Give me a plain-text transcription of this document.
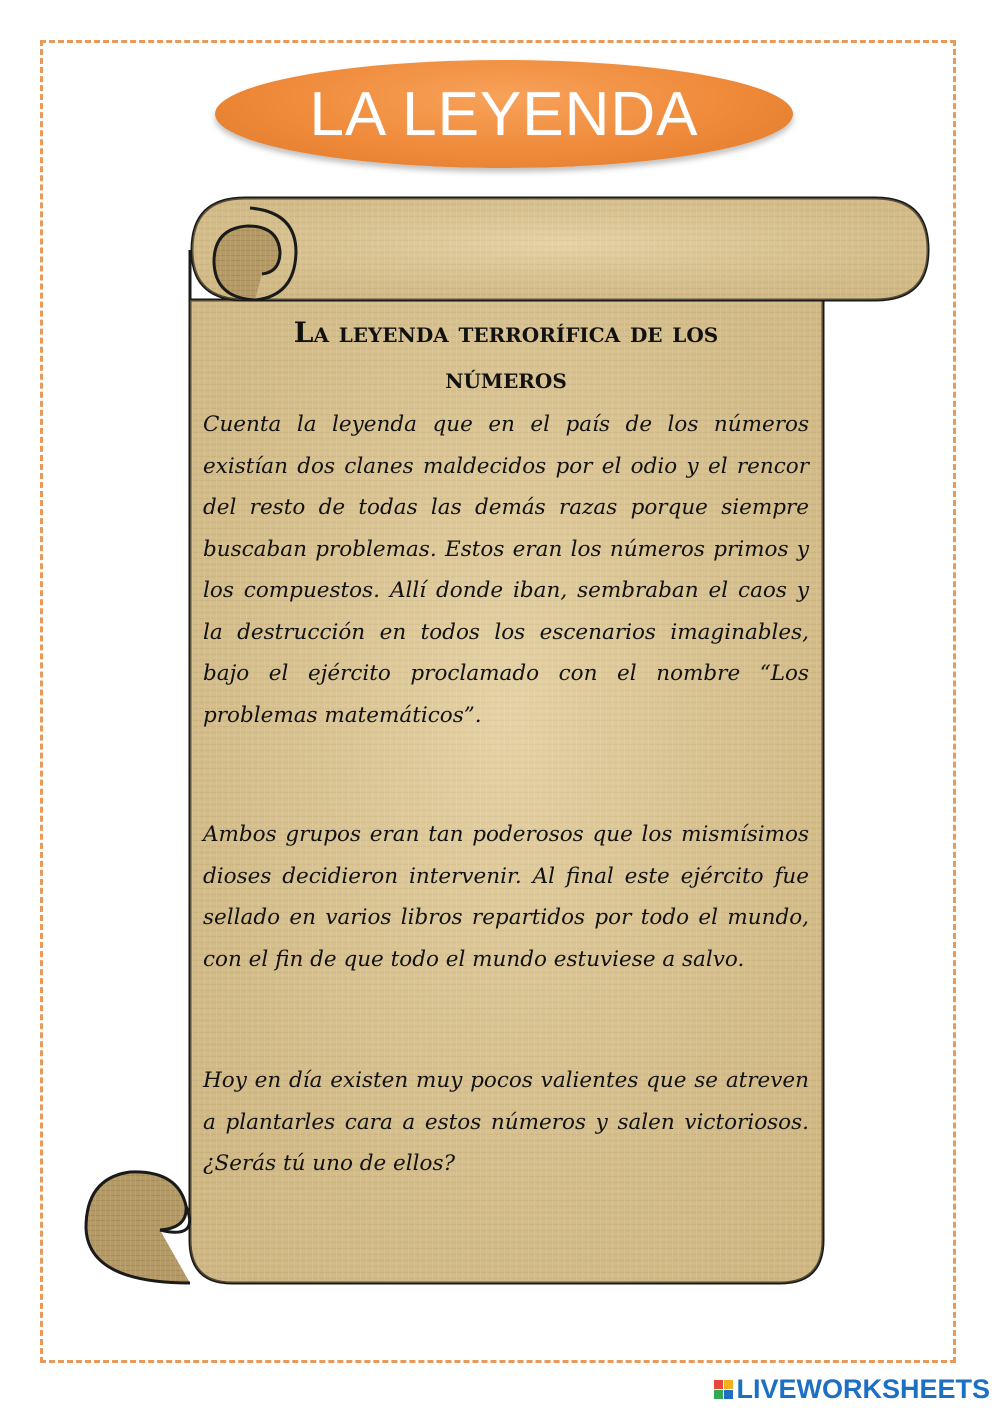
LA LEYENDA
La leyenda terrorífica de los números

Cuenta la leyenda que en el país de los números existían dos clanes maldecidos por el odio y el rencor del resto de todas las demás razas porque siempre buscaban problemas. Estos eran los números primos y los compuestos. Allí donde iban, sembraban el caos y la destrucción en todos los escenarios imaginables, bajo el ejército proclamado con el nombre “Los problemas matemáticos”.

Ambos grupos eran tan poderosos que los mismísimos dioses decidieron intervenir. Al final este ejército fue sellado en varios libros repartidos por todo el mundo, con el fin de que todo el mundo estuviese a salvo.

Hoy en día existen muy pocos valientes que se atreven a plantarles cara a estos números y salen victoriosos. ¿Serás tú uno de ellos?

LIVEWORKSHEETS
